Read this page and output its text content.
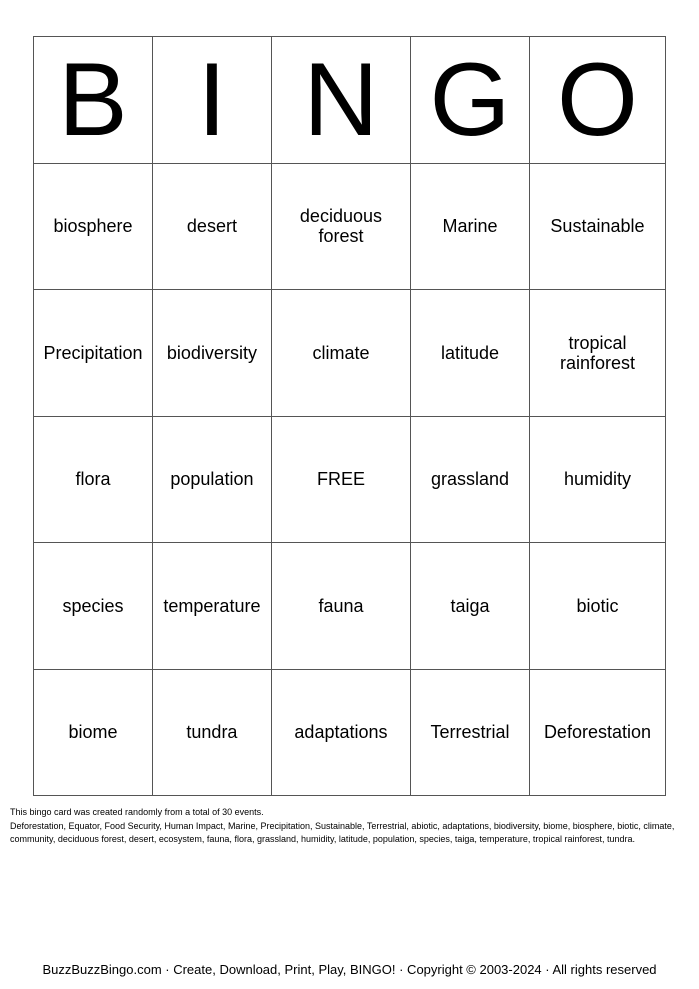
B I N G O
biosphere	desert	deciduous forest	Marine	Sustainable
Precipitation	biodiversity	climate	latitude	tropical rainforest
flora	population	FREE	grassland	humidity
species	temperature	fauna	taiga	biotic
biome	tundra	adaptations	Terrestrial	Deforestation

This bingo card was created randomly from a total of 30 events.

Deforestation, Equator, Food Security, Human Impact, Marine, Precipitation, Sustainable, Terrestrial, abiotic, adaptations, biodiversity, biome, biosphere, biotic, climate, community, deciduous forest, desert, ecosystem, fauna, flora, grassland, humidity, latitude, population, species, taiga, temperature, tropical rainforest, tundra.

BuzzBuzzBingo.com · Create, Download, Print, Play, BINGO! · Copyright © 2003-2024 · All rights reserved
